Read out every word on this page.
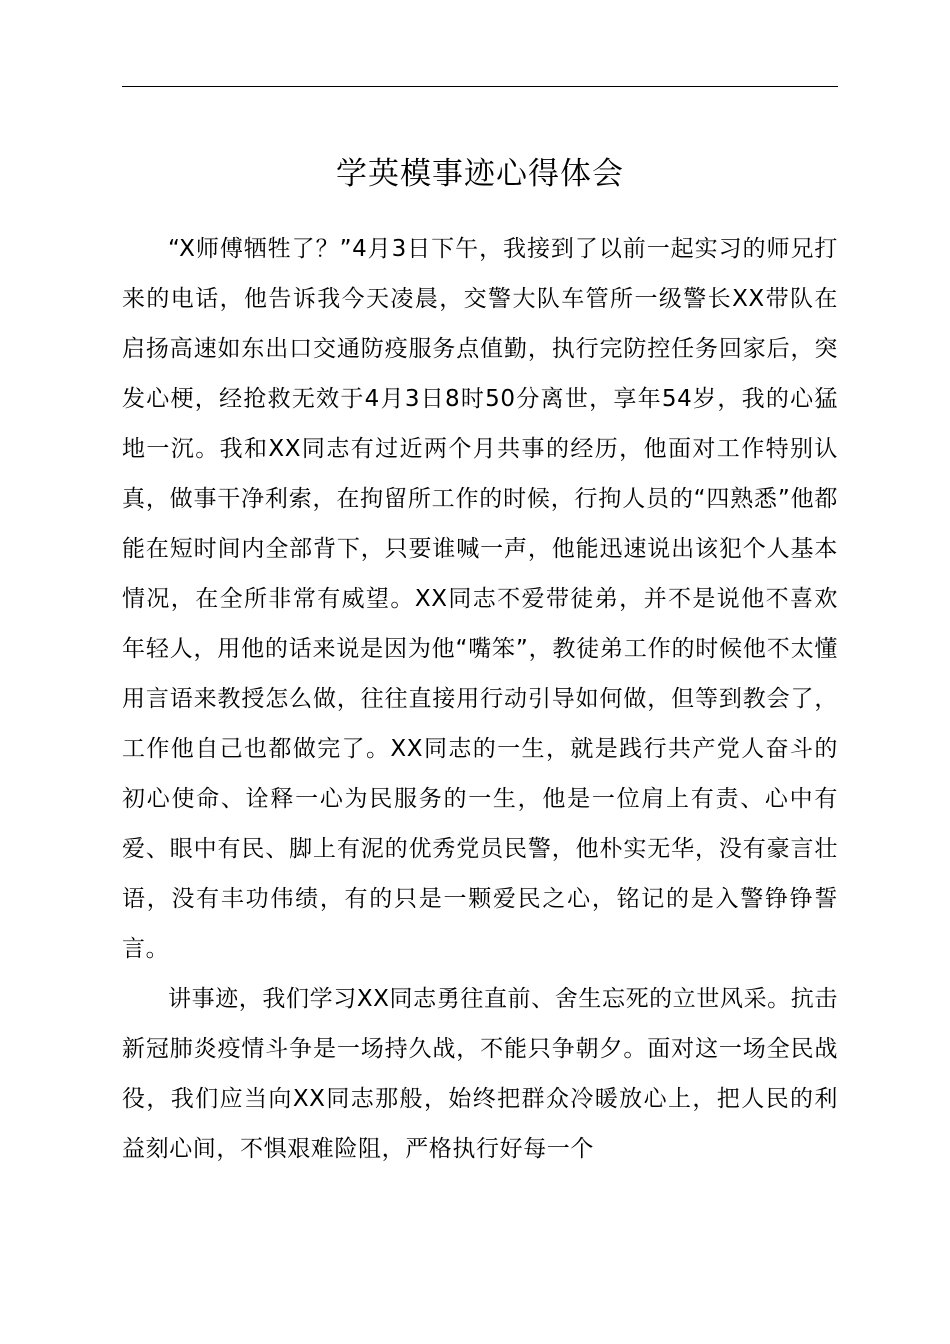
学英模事迹心得体会

“X师傅牺牲了？”4月3日下午，我接到了以前一起实习的师兄打来的电话，他告诉我今天凌晨，交警大队车管所一级警长XX带队在启扬高速如东出口交通防疫服务点值勤，执行完防控任务回家后，突发心梗，经抢救无效于4月3日8时50分离世，享年54岁，我的心猛地一沉。我和XX同志有过近两个月共事的经历，他面对工作特别认真，做事干净利索，在拘留所工作的时候，行拘人员的“四熟悉”他都能在短时间内全部背下，只要谁喊一声，他能迅速说出该犯个人基本情况，在全所非常有威望。XX同志不爱带徒弟，并不是说他不喜欢年轻人，用他的话来说是因为他“嘴笨”，教徒弟工作的时候他不太懂用言语来教授怎么做，往往直接用行动引导如何做，但等到教会了，工作他自己也都做完了。XX同志的一生，就是践行共产党人奋斗的初心使命、诠释一心为民服务的一生，他是一位肩上有责、心中有爱、眼中有民、脚上有泥的优秀党员民警，他朴实无华，没有豪言壮语，没有丰功伟绩，有的只是一颗爱民之心，铭记的是入警铮铮誓言。

讲事迹，我们学习XX同志勇往直前、舍生忘死的立世风采。抗击新冠肺炎疫情斗争是一场持久战，不能只争朝夕。面对这一场全民战役，我们应当向XX同志那般，始终把群众冷暖放心上，把人民的利益刻心间，不惧艰难险阻，严格执行好每一个
